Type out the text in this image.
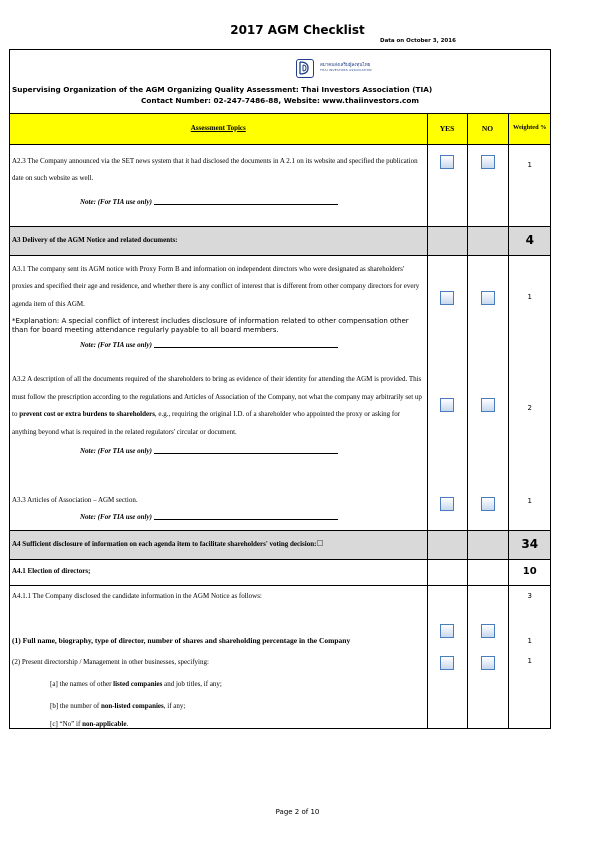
2017 AGM Checklist
Data on October 3, 2016
สมาคมส่งเสริมผู้ลงทุนไทย
THAI INVESTORS ASSOCIATION
Supervising Organization of the AGM Organizing Quality Assessment: Thai Investors Association (TIA)
Contact Number: 02-247-7486-88, Website: www.thaiinvestors.com
Assessment Topics	YES	NO	Weighted %

A2.3 The Company announced via the SET news system that it had disclosed the documents in A 2.1 on its website and specified the publication date on such website as well.
Note: (For TIA use only)			1
A3 Delivery of the AGM Notice and related documents:			4

A3.1 The company sent its AGM notice with Proxy Form B and information on independent directors who were designated as shareholders' proxies and specified their age and residence, and whether there is any conflict of interest that is different from other company directors for every agenda item of this AGM.
*Explanation: A special conflict of interest includes disclosure of information related to other compensation other than for board meeting attendance regularly payable to all board members.
Note: (For TIA use only)			1

A3.2 A description of all the documents required of the shareholders to bring as evidence of their identity for attending the AGM is provided. This must follow the prescription according to the regulations and Articles of Association of the Company, not what the company may arbitrarily set up to prevent cost or extra burdens to shareholders, e.g., requiring the original I.D. of a shareholder who appointed the proxy or asking for anything beyond what is required in the related regulators' circular or document.
Note: (For TIA use only)			2

A3.3 Articles of Association – AGM section.
Note: (For TIA use only)			1
A4 Sufficient disclosure of information on each agenda item to facilitate shareholders' voting decision:			34

A4.1 Election of directors;			10

A4.1.1 The Company disclosed the candidate information in the AGM Notice as follows:			3

(1) Full name, biography, type of director, number of shares and shareholding percentage in the Company			1

(2) Present directorship / Management in other businesses, specifying:
[a] the names of other listed companies and job titles, if any;
[b] the number of non-listed companies, if any;
[c] “No” if non-applicable.			1
Page 2 of 10
